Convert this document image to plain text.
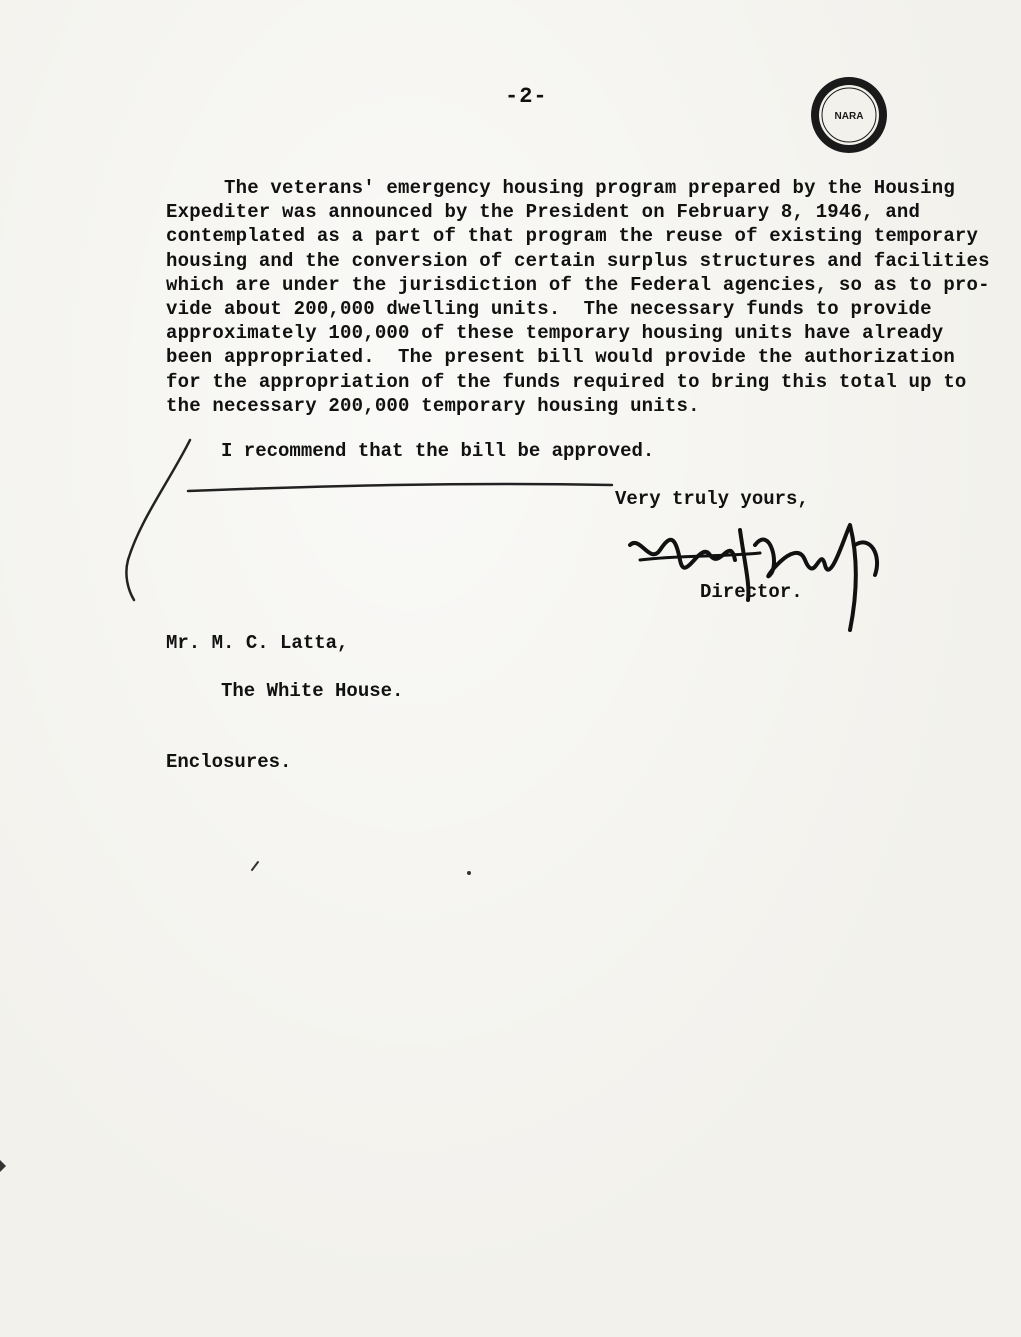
-2-
NARA
The veterans' emergency housing program prepared by the Housing
Expediter was announced by the President on February 8, 1946, and
contemplated as a part of that program the reuse of existing temporary
housing and the conversion of certain surplus structures and facilities
which are under the jurisdiction of the Federal agencies, so as to pro-
vide about 200,000 dwelling units.  The necessary funds to provide
approximately 100,000 of these temporary housing units have already
been appropriated.  The present bill would provide the authorization
for the appropriation of the funds required to bring this total up to
the necessary 200,000 temporary housing units.
I recommend that the bill be approved.
Very truly yours,
Director.
Mr. M. C. Latta,
The White House.
Enclosures.
